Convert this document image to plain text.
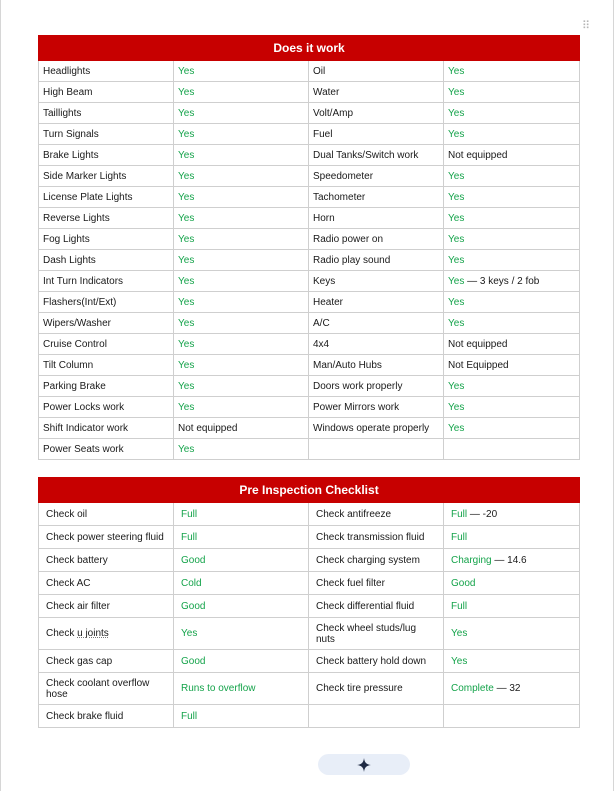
⠿
Does it work			
Headlights	Yes	Oil	Yes
High Beam	Yes	Water	Yes
Taillights	Yes	Volt/Amp	Yes
Turn Signals	Yes	Fuel	Yes
Brake Lights	Yes	Dual Tanks/Switch work	Not equipped
Side Marker Lights	Yes	Speedometer	Yes
License Plate Lights	Yes	Tachometer	Yes
Reverse Lights	Yes	Horn	Yes
Fog Lights	Yes	Radio power on	Yes
Dash Lights	Yes	Radio play sound	Yes
Int Turn Indicators	Yes	Keys	Yes — 3 keys / 2 fob
Flashers(Int/Ext)	Yes	Heater	Yes
Wipers/Washer	Yes	A/C	Yes
Cruise Control	Yes	4x4	Not equipped
Tilt Column	Yes	Man/Auto Hubs	Not Equipped
Parking Brake	Yes	Doors work properly	Yes
Power Locks work	Yes	Power Mirrors work	Yes
Shift Indicator work	Not equipped	Windows operate properly	Yes
Power Seats work	Yes		
Pre Inspection Checklist			
Check oil	Full	Check antifreeze	Full — -20
Check power steering fluid	Full	Check transmission fluid	Full
Check battery	Good	Check charging system	Charging — 14.6
Check AC	Cold	Check fuel filter	Good
Check air filter	Good	Check differential fluid	Full
Check u joints	Yes	Check wheel studs/lug nuts	Yes
Check gas cap	Good	Check battery hold down	Yes
Check coolant overflow hose	Runs to overflow	Check tire pressure	Complete — 32
Check brake fluid	Full		
